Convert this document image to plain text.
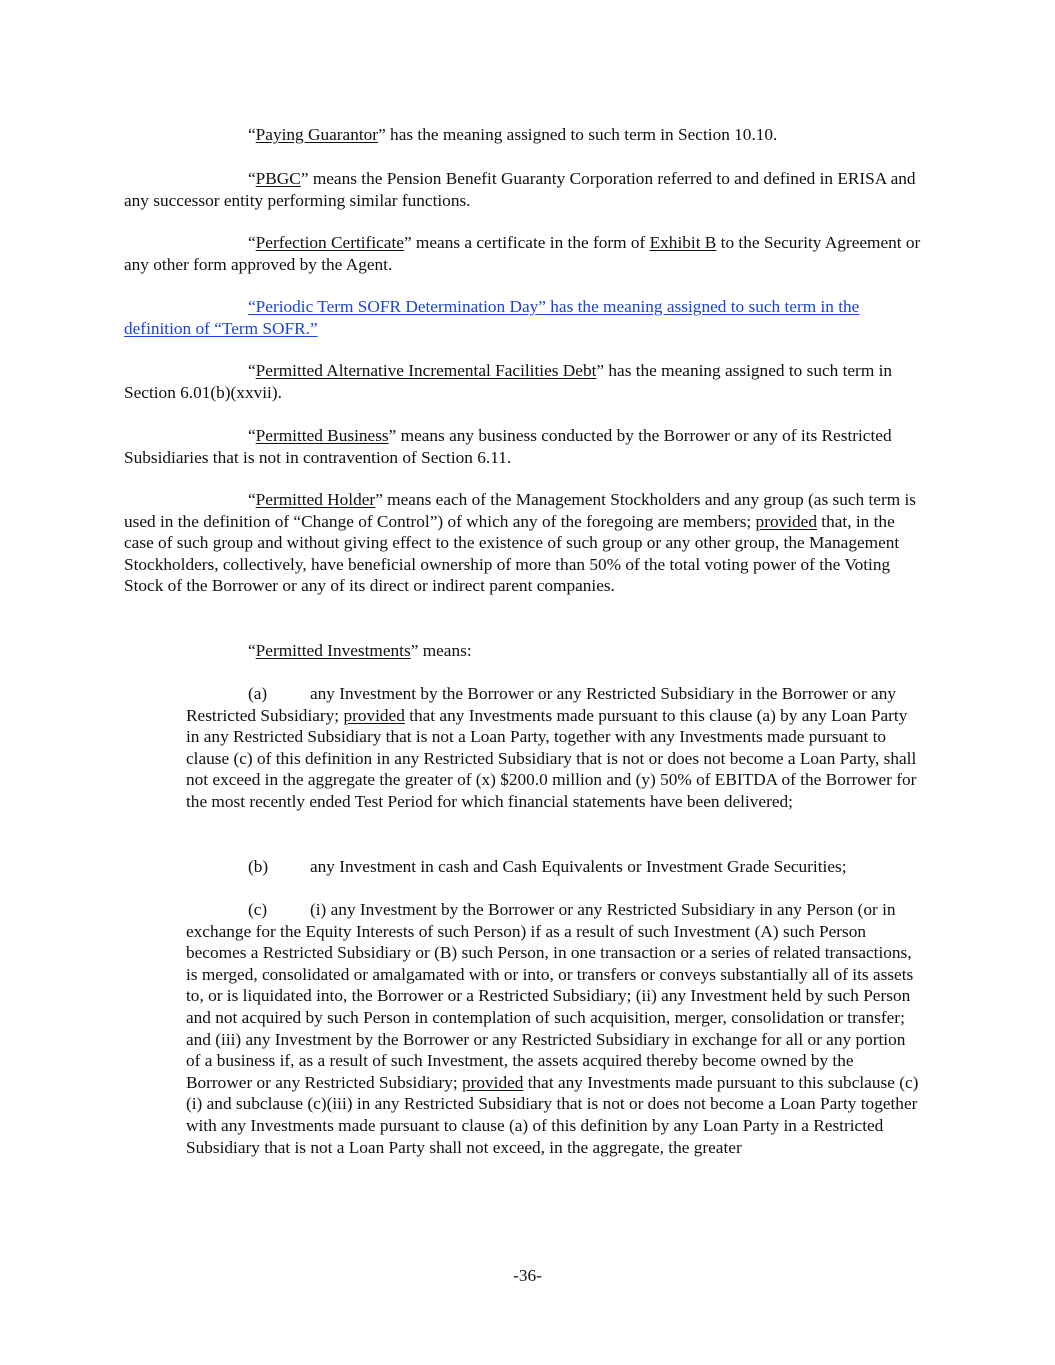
“Paying Guarantor” has the meaning assigned to such term in Section 10.10.

“PBGC” means the Pension Benefit Guaranty Corporation referred to and defined in ERISA and any successor entity performing similar functions.

“Perfection Certificate” means a certificate in the form of Exhibit B to the Security Agreement or any other form approved by the Agent.

“Periodic Term SOFR Determination Day” has the meaning assigned to such term in the definition of “Term SOFR.”

“Permitted Alternative Incremental Facilities Debt” has the meaning assigned to such term in Section 6.01(b)(xxvii).

“Permitted Business” means any business conducted by the Borrower or any of its Restricted Subsidiaries that is not in contravention of Section 6.11.

“Permitted Holder” means each of the Management Stockholders and any group (as such term is used in the definition of “Change of Control”) of which any of the foregoing are members; provided that, in the case of such group and without giving effect to the existence of such group or any other group, the Management Stockholders, collectively, have beneficial ownership of more than 50% of the total voting power of the Voting Stock of the Borrower or any of its direct or indirect parent companies.

“Permitted Investments” means:

(a) any Investment by the Borrower or any Restricted Subsidiary in the Borrower or any Restricted Subsidiary; provided that any Investments made pursuant to this clause (a) by any Loan Party in any Restricted Subsidiary that is not a Loan Party, together with any Investments made pursuant to clause (c) of this definition in any Restricted Subsidiary that is not or does not become a Loan Party, shall not exceed in the aggregate the greater of (x) $200.0 million and (y) 50% of EBITDA of the Borrower for the most recently ended Test Period for which financial statements have been delivered;

(b) any Investment in cash and Cash Equivalents or Investment Grade Securities;

(c) (i) any Investment by the Borrower or any Restricted Subsidiary in any Person (or in exchange for the Equity Interests of such Person) if as a result of such Investment (A) such Person becomes a Restricted Subsidiary or (B) such Person, in one transaction or a series of related transactions, is merged, consolidated or amalgamated with or into, or transfers or conveys substantially all of its assets to, or is liquidated into, the Borrower or a Restricted Subsidiary; (ii) any Investment held by such Person and not acquired by such Person in contemplation of such acquisition, merger, consolidation or transfer; and (iii) any Investment by the Borrower or any Restricted Subsidiary in exchange for all or any portion of a business if, as a result of such Investment, the assets acquired thereby become owned by the Borrower or any Restricted Subsidiary; provided that any Investments made pursuant to this subclause (c)(i) and subclause (c)(iii) in any Restricted Subsidiary that is not or does not become a Loan Party together with any Investments made pursuant to clause (a) of this definition by any Loan Party in a Restricted Subsidiary that is not a Loan Party shall not exceed, in the aggregate, the greater

-36-
